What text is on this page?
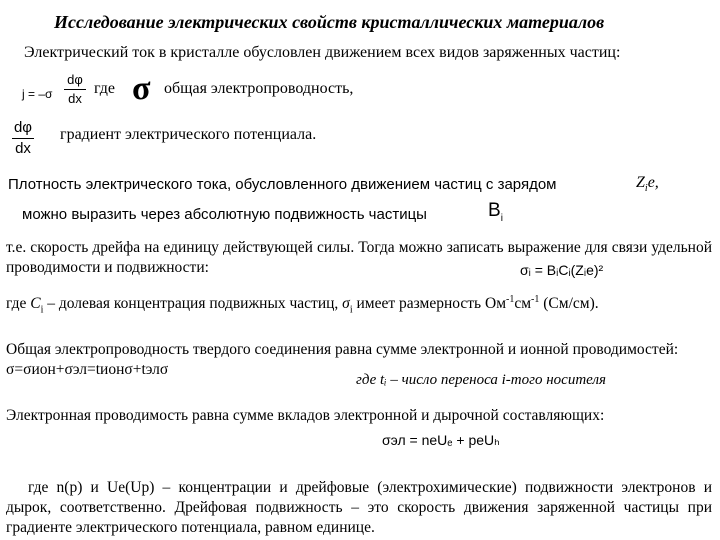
Исследование электрических свойств кристаллических материалов
Электрический ток в кристалле обусловлен движением всех видов заряженных частиц:
j = –σ
dφ
dx
где σ общая электропроводность,
dφ
dx
градиент электрического потенциала.
Плотность электрического тока, обусловленного движением частиц с зарядом	$Z_ie$,
можно выразить через абсолютную подвижность частицы	$B_i$
т.е. скорость дрейфа на единицу действующей силы. Тогда можно записать выражение для связи удельной проводимости и подвижности:	σᵢ = BᵢCᵢ(Zᵢe)²
где $C_i$ – долевая концентрация подвижных частиц, $\sigma_i$ имеет размерность $Ом^{-1}см^{-1}$ (См/см).
Общая электропроводность твердого соединения равна сумме электронной и ионной проводимостей: σ=σион+σэл=tионσ+tэлσ
где tᵢ – число переноса i-того носителя
Электронная проводимость равна сумме вкладов электронной и дырочной составляющих:
σэл = neUₑ + peUₕ
где n(p) и Ue(Up) – концентрации и дрейфовые (электрохимические) подвижности электронов и дырок, соответственно. Дрейфовая подвижность – это скорость движения заряженной частицы при градиенте электрического потенциала, равном единице.
